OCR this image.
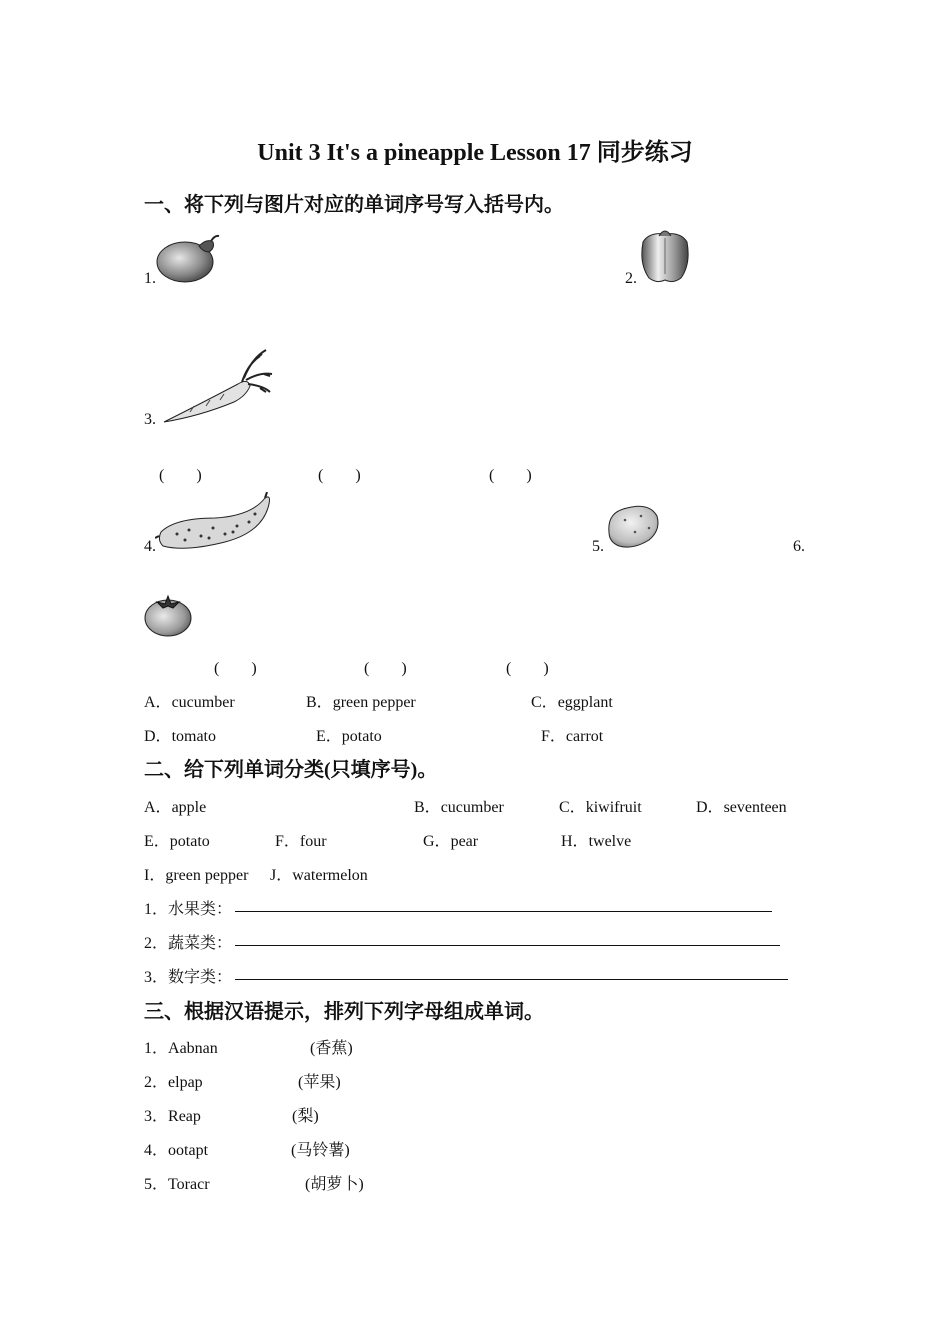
Unit 3 It's a pineapple Lesson 17 同步练习
一、将下列与图片对应的单词序号写入括号内。
1.	2.
3.
(　　)	(　　)	(　　)
4.	5.	6.
(　　)	(　　)	(　　)
A．cucumber	B．green pepper	C．eggplant
D．tomato	E．potato	F．carrot
二、给下列单词分类(只填序号)。
A．apple	B．cucumber	C．kiwifruit	D．seventeen
E．potato	F．four	G．pear	H．twelve
I．green pepper J．watermelon
1．水果类：
2．蔬菜类：
3．数字类：
三、根据汉语提示，排列下列字母组成单词。
1．Aabnan	(香蕉)
2．elpap	(苹果)
3．Reap	(梨)
4．ootapt	(马铃薯)
5．Toracr	(胡萝卜)
